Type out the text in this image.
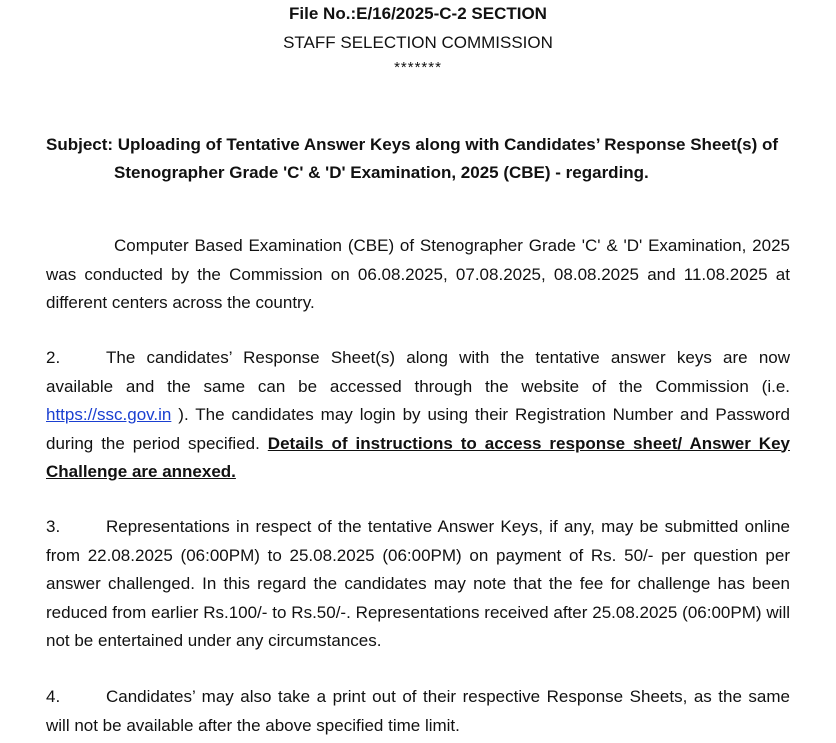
File No.:E/16/2025-C-2 SECTION
STAFF SELECTION COMMISSION
*******
Subject: Uploading of Tentative Answer Keys along with Candidates’ Response Sheet(s) of
Stenographer Grade 'C' & 'D' Examination, 2025 (CBE) - regarding.
Computer Based Examination (CBE) of Stenographer Grade 'C' & 'D' Examination, 2025 was conducted by the Commission on 06.08.2025, 07.08.2025, 08.08.2025 and 11.08.2025 at different centers across the country.
2.	The candidates’ Response Sheet(s) along with the tentative answer keys are now available and the same can be accessed through the website of the Commission (i.e. https://ssc.gov.in ). The candidates may login by using their Registration Number and Password during the period specified. Details of instructions to access response sheet/ Answer Key Challenge are annexed.
3.	Representations in respect of the tentative Answer Keys, if any, may be submitted online from 22.08.2025 (06:00PM) to 25.08.2025 (06:00PM) on payment of Rs. 50/- per question per answer challenged. In this regard the candidates may note that the fee for challenge has been reduced from earlier Rs.100/- to Rs.50/-. Representations received after 25.08.2025 (06:00PM) will not be entertained under any circumstances.
4.	Candidates’ may also take a print out of their respective Response Sheets, as the same will not be available after the above specified time limit.
